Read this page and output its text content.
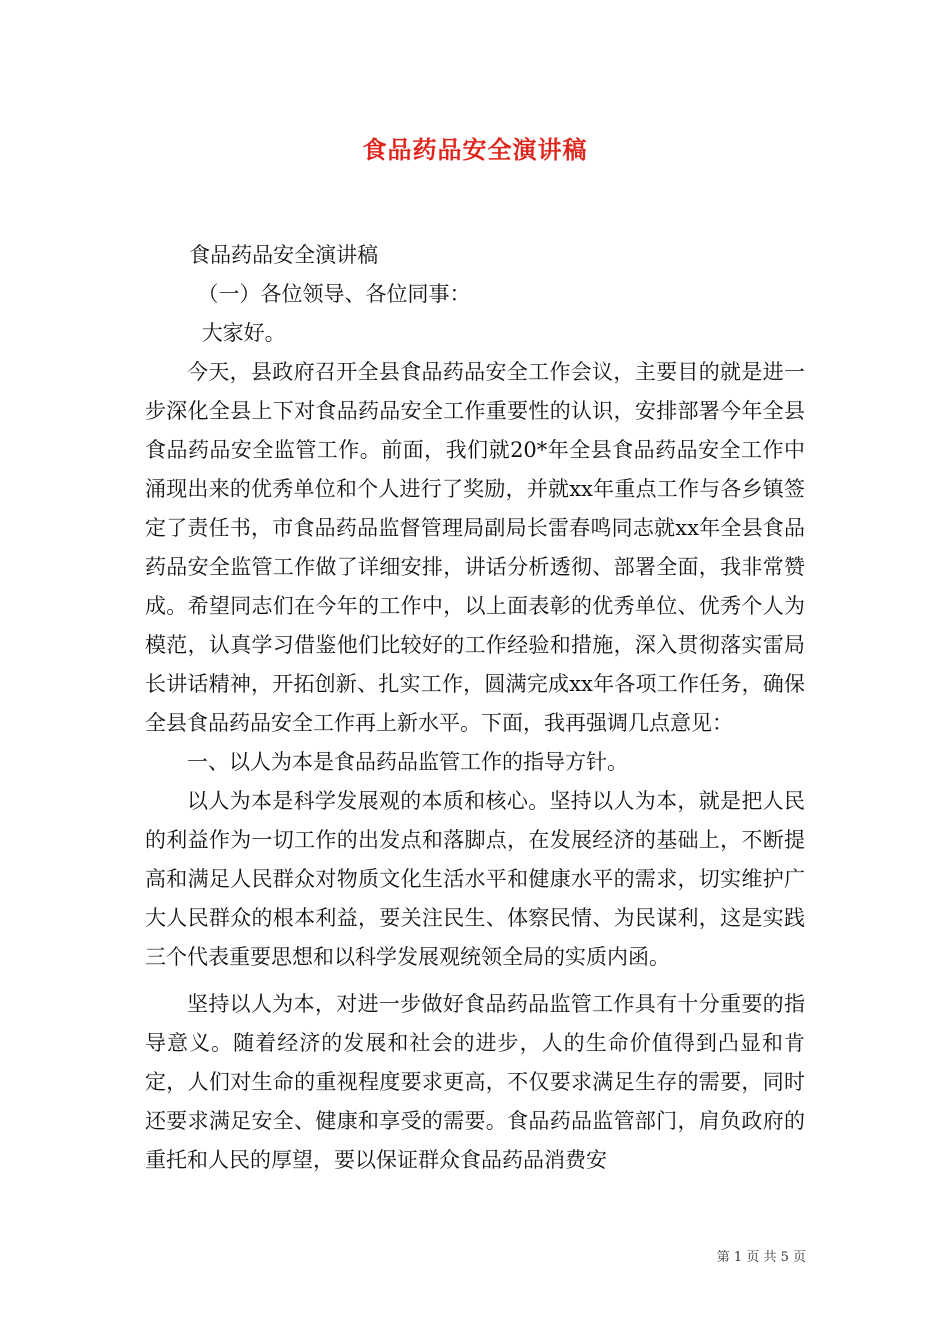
食品药品安全演讲稿

食品药品安全演讲稿

（一）各位领导、各位同事：

大家好。

今天，县政府召开全县食品药品安全工作会议，主要目的就是进一步深化全县上下对食品药品安全工作重要性的认识，安排部署今年全县食品药品安全监管工作。前面，我们就20*年全县食品药品安全工作中涌现出来的优秀单位和个人进行了奖励，并就xx年重点工作与各乡镇签定了责任书，市食品药品监督管理局副局长雷春鸣同志就xx年全县食品药品安全监管工作做了详细安排，讲话分析透彻、部署全面，我非常赞成。希望同志们在今年的工作中，以上面表彰的优秀单位、优秀个人为模范，认真学习借鉴他们比较好的工作经验和措施，深入贯彻落实雷局长讲话精神，开拓创新、扎实工作，圆满完成xx年各项工作任务，确保全县食品药品安全工作再上新水平。下面，我再强调几点意见：

一、以人为本是食品药品监管工作的指导方针。

以人为本是科学发展观的本质和核心。坚持以人为本，就是把人民的利益作为一切工作的出发点和落脚点，在发展经济的基础上，不断提高和满足人民群众对物质文化生活水平和健康水平的需求，切实维护广大人民群众的根本利益，要关注民生、体察民情、为民谋利，这是实践三个代表重要思想和以科学发展观统领全局的实质内函。

坚持以人为本，对进一步做好食品药品监管工作具有十分重要的指导意义。随着经济的发展和社会的进步，人的生命价值得到凸显和肯定，人们对生命的重视程度要求更高，不仅要求满足生存的需要，同时还要求满足安全、健康和享受的需要。食品药品监管部门，肩负政府的重托和人民的厚望，要以保证群众食品药品消费安

第 1 页 共 5 页
